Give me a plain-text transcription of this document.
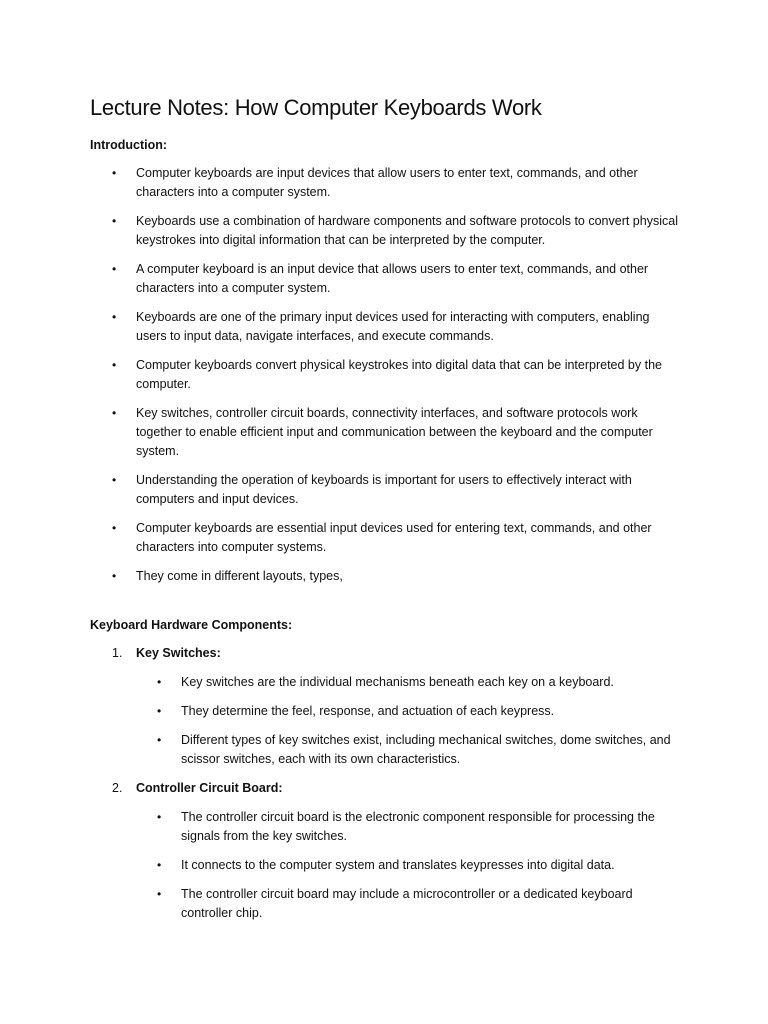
Lecture Notes: How Computer Keyboards Work

Introduction:

• Computer keyboards are input devices that allow users to enter text, commands, and other characters into a computer system.
• Keyboards use a combination of hardware components and software protocols to convert physical keystrokes into digital information that can be interpreted by the computer.
• A computer keyboard is an input device that allows users to enter text, commands, and other characters into a computer system.
• Keyboards are one of the primary input devices used for interacting with computers, enabling users to input data, navigate interfaces, and execute commands.
• Computer keyboards convert physical keystrokes into digital data that can be interpreted by the computer.
• Key switches, controller circuit boards, connectivity interfaces, and software protocols work together to enable efficient input and communication between the keyboard and the computer system.
• Understanding the operation of keyboards is important for users to effectively interact with computers and input devices.
• Computer keyboards are essential input devices used for entering text, commands, and other characters into computer systems.
• They come in different layouts, types,

Keyboard Hardware Components:

1.	Key Switches:
• Key switches are the individual mechanisms beneath each key on a keyboard.
• They determine the feel, response, and actuation of each keypress.
• Different types of key switches exist, including mechanical switches, dome switches, and scissor switches, each with its own characteristics.
2.	Controller Circuit Board:
• The controller circuit board is the electronic component responsible for processing the signals from the key switches.
• It connects to the computer system and translates keypresses into digital data.
• The controller circuit board may include a microcontroller or a dedicated keyboard controller chip.
